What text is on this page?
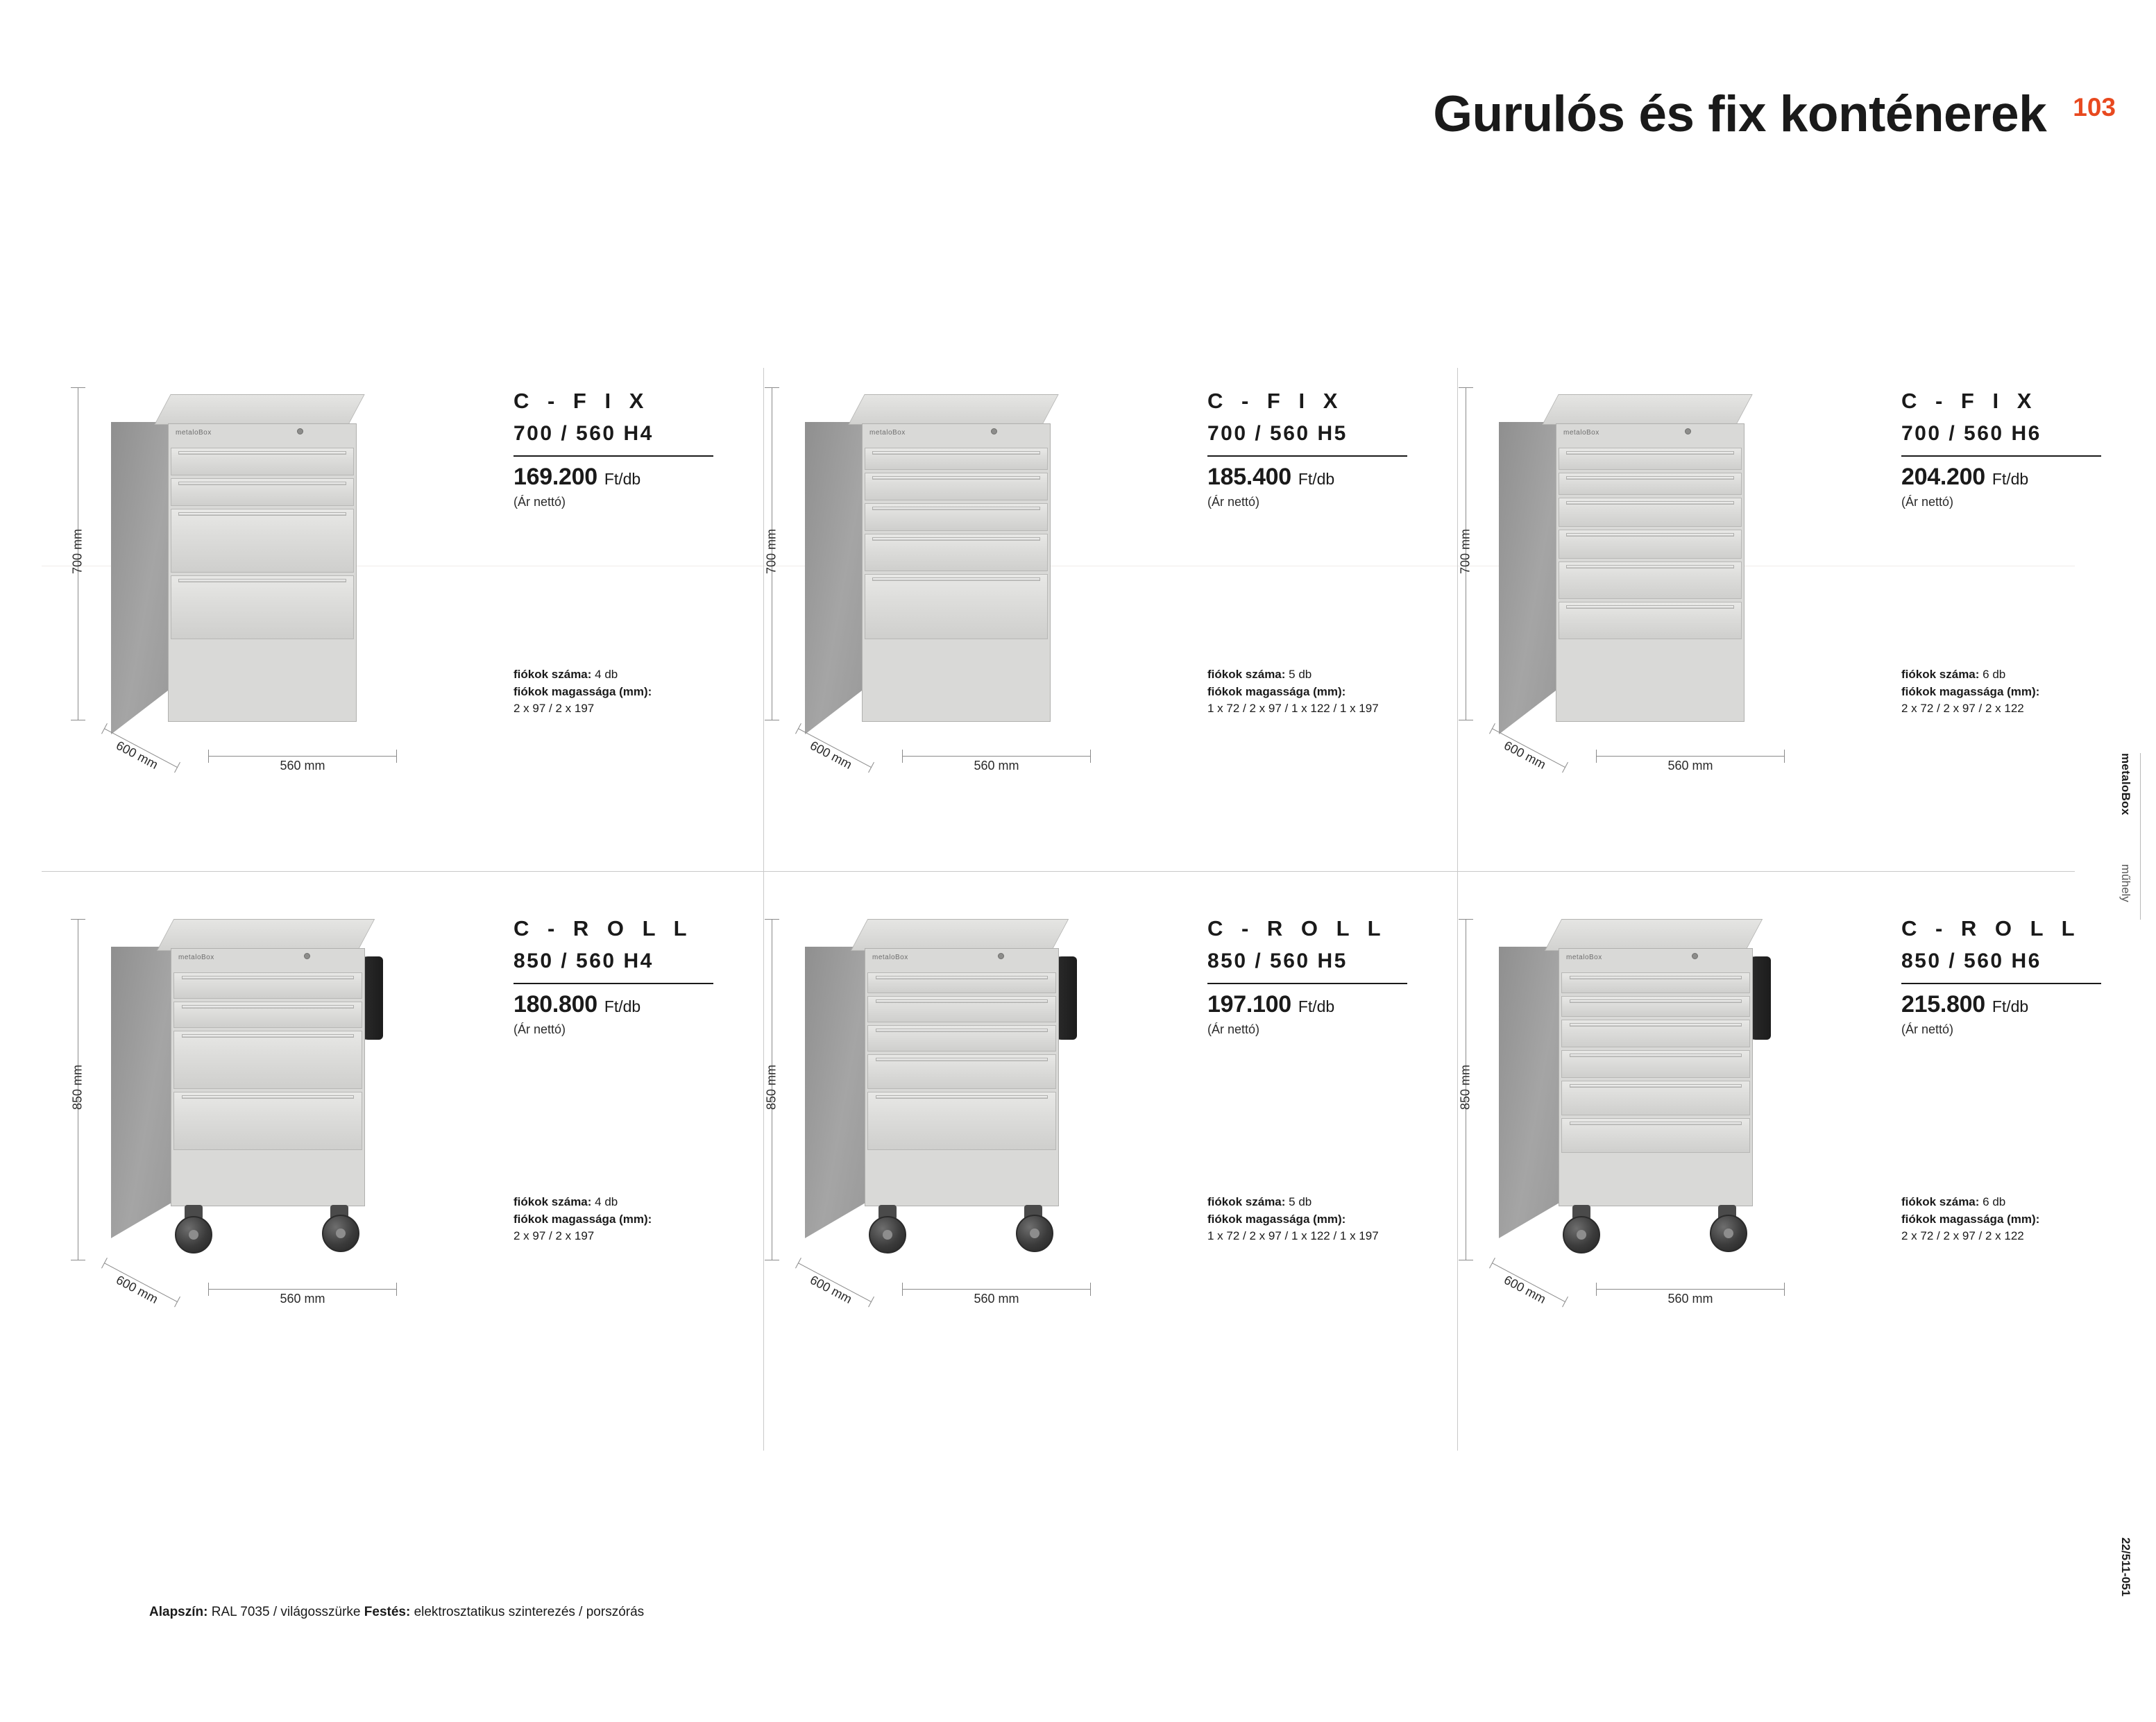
Gurulós és fix konténerek 103
700 mm
metaloBox
600 mm	560 mm
C - F I X
700 / 560 H4
169.200 Ft/db
(Ár nettó)
fiókok száma: 4 db
fiókok magassága (mm):
2 x 97 / 2 x 197
700 mm
metaloBox
600 mm	560 mm
C - F I X
700 / 560 H5
185.400 Ft/db
(Ár nettó)
fiókok száma: 5 db
fiókok magassága (mm):
1 x 72 / 2 x 97 / 1 x 122 / 1 x 197
700 mm
metaloBox
600 mm	560 mm
C - F I X
700 / 560 H6
204.200 Ft/db
(Ár nettó)
fiókok száma: 6 db
fiókok magassága (mm):
2 x 72 / 2 x 97 / 2 x 122
850 mm
metaloBox
600 mm	560 mm
C - R O L L
850 / 560 H4
180.800 Ft/db
(Ár nettó)
fiókok száma: 4 db
fiókok magassága (mm):
2 x 97 / 2 x 197
850 mm
metaloBox
600 mm	560 mm
C - R O L L
850 / 560 H5
197.100 Ft/db
(Ár nettó)
fiókok száma: 5 db
fiókok magassága (mm):
1 x 72 / 2 x 97 / 1 x 122 / 1 x 197
850 mm
metaloBox
600 mm	560 mm
C - R O L L
850 / 560 H6
215.800 Ft/db
(Ár nettó)
fiókok száma: 6 db
fiókok magassága (mm):
2 x 72 / 2 x 97 / 2 x 122
metaloBox
műhely
22/511-051
Alapszín: RAL 7035 / világosszürke Festés: elektrosztatikus szinterezés / porszórás
